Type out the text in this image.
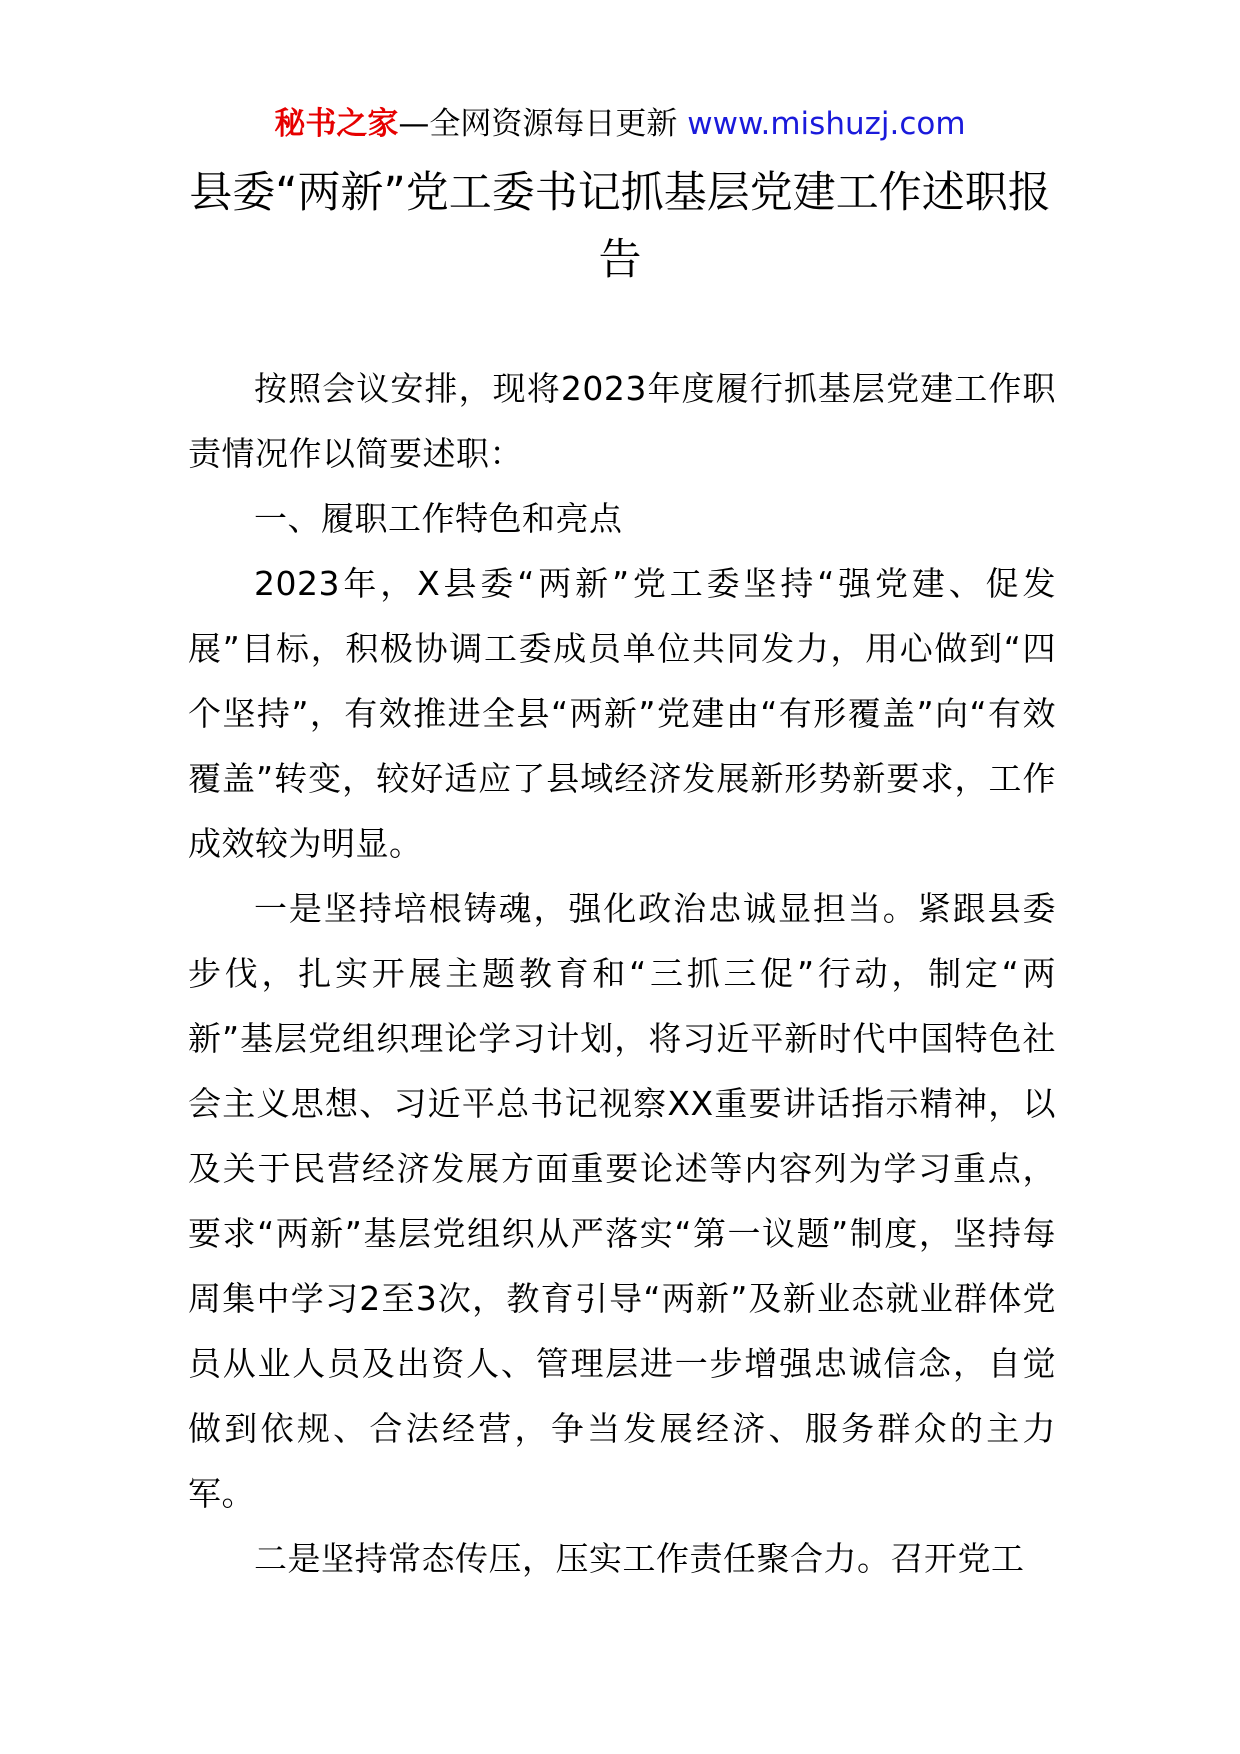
秘书之家—全网资源每日更新 www.mishuzj.com
县委“两新”党工委书记抓基层党建工作述职报告

按照会议安排，现将2023年度履行抓基层党建工作职责情况作以简要述职：

一、履职工作特色和亮点

2023年，X县委“两新”党工委坚持“强党建、促发展”目标，积极协调工委成员单位共同发力，用心做到“四个坚持”，有效推进全县“两新”党建由“有形覆盖”向“有效覆盖”转变，较好适应了县域经济发展新形势新要求，工作成效较为明显。

一是坚持培根铸魂，强化政治忠诚显担当。紧跟县委步伐，扎实开展主题教育和“三抓三促”行动，制定“两新”基层党组织理论学习计划，将习近平新时代中国特色社会主义思想、习近平总书记视察XX重要讲话指示精神，以及关于民营经济发展方面重要论述等内容列为学习重点，要求“两新”基层党组织从严落实“第一议题”制度，坚持每周集中学习2至3次，教育引导“两新”及新业态就业群体党员从业人员及出资人、管理层进一步增强忠诚信念，自觉做到依规、合法经营，争当发展经济、服务群众的主力军。

二是坚持常态传压，压实工作责任聚合力。召开党工
